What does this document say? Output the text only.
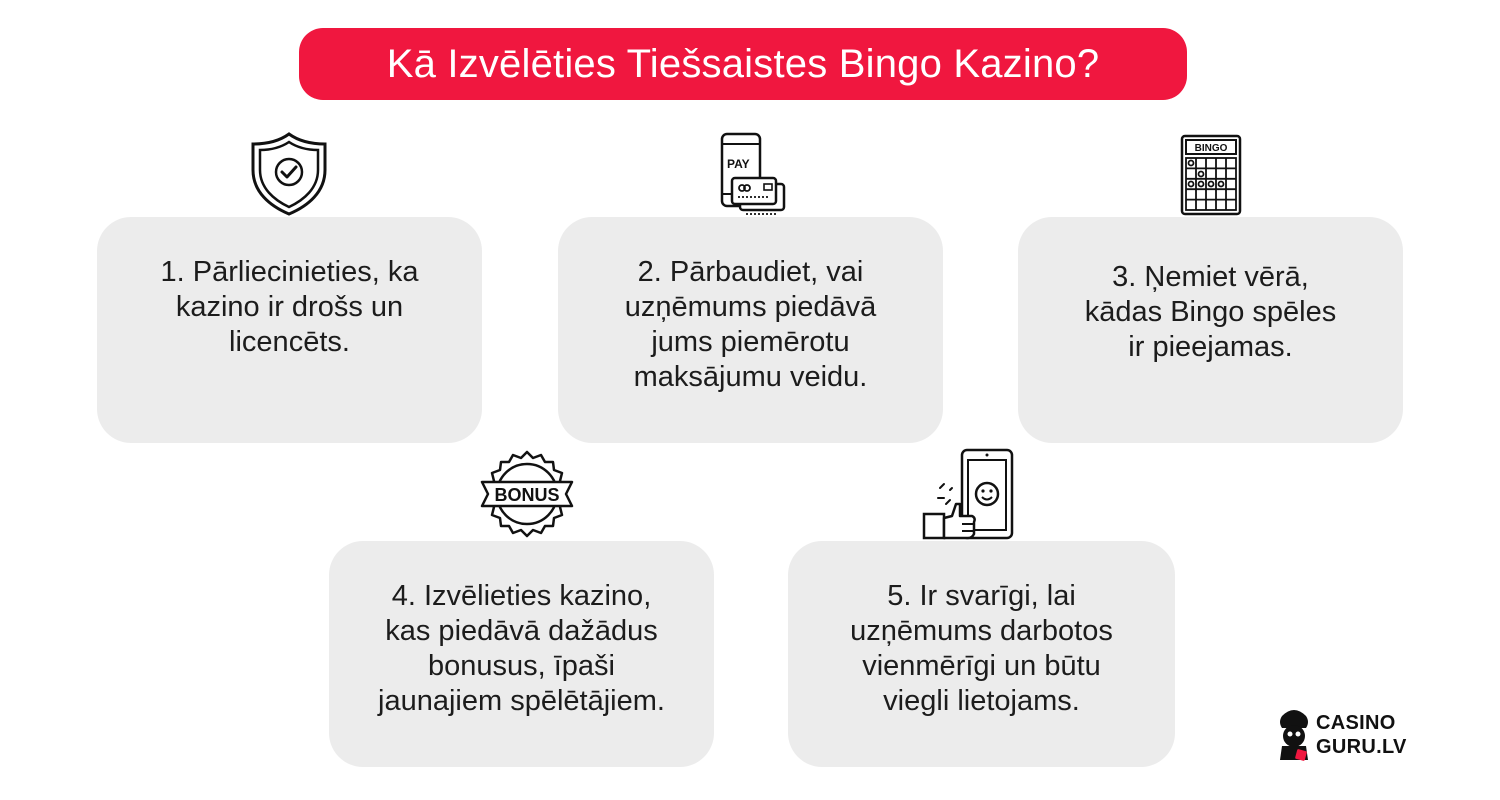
Kā Izvēlēties Tiešsaistes Bingo Kazino?
PAY
BINGO
BONUS
1. Pārliecinieties, ka
kazino ir drošs un
licencēts.
2. Pārbaudiet, vai
uzņēmums piedāvā
jums piemērotu
maksājumu veidu.
3. Ņemiet vērā,
kādas Bingo spēles
ir pieejamas.
4. Izvēlieties kazino,
kas piedāvā dažādus
bonusus, īpaši
jaunajiem spēlētājiem.
5. Ir svarīgi, lai
uzņēmums darbotos
vienmērīgi un būtu
viegli lietojams.
CASINO
GURU.LV
